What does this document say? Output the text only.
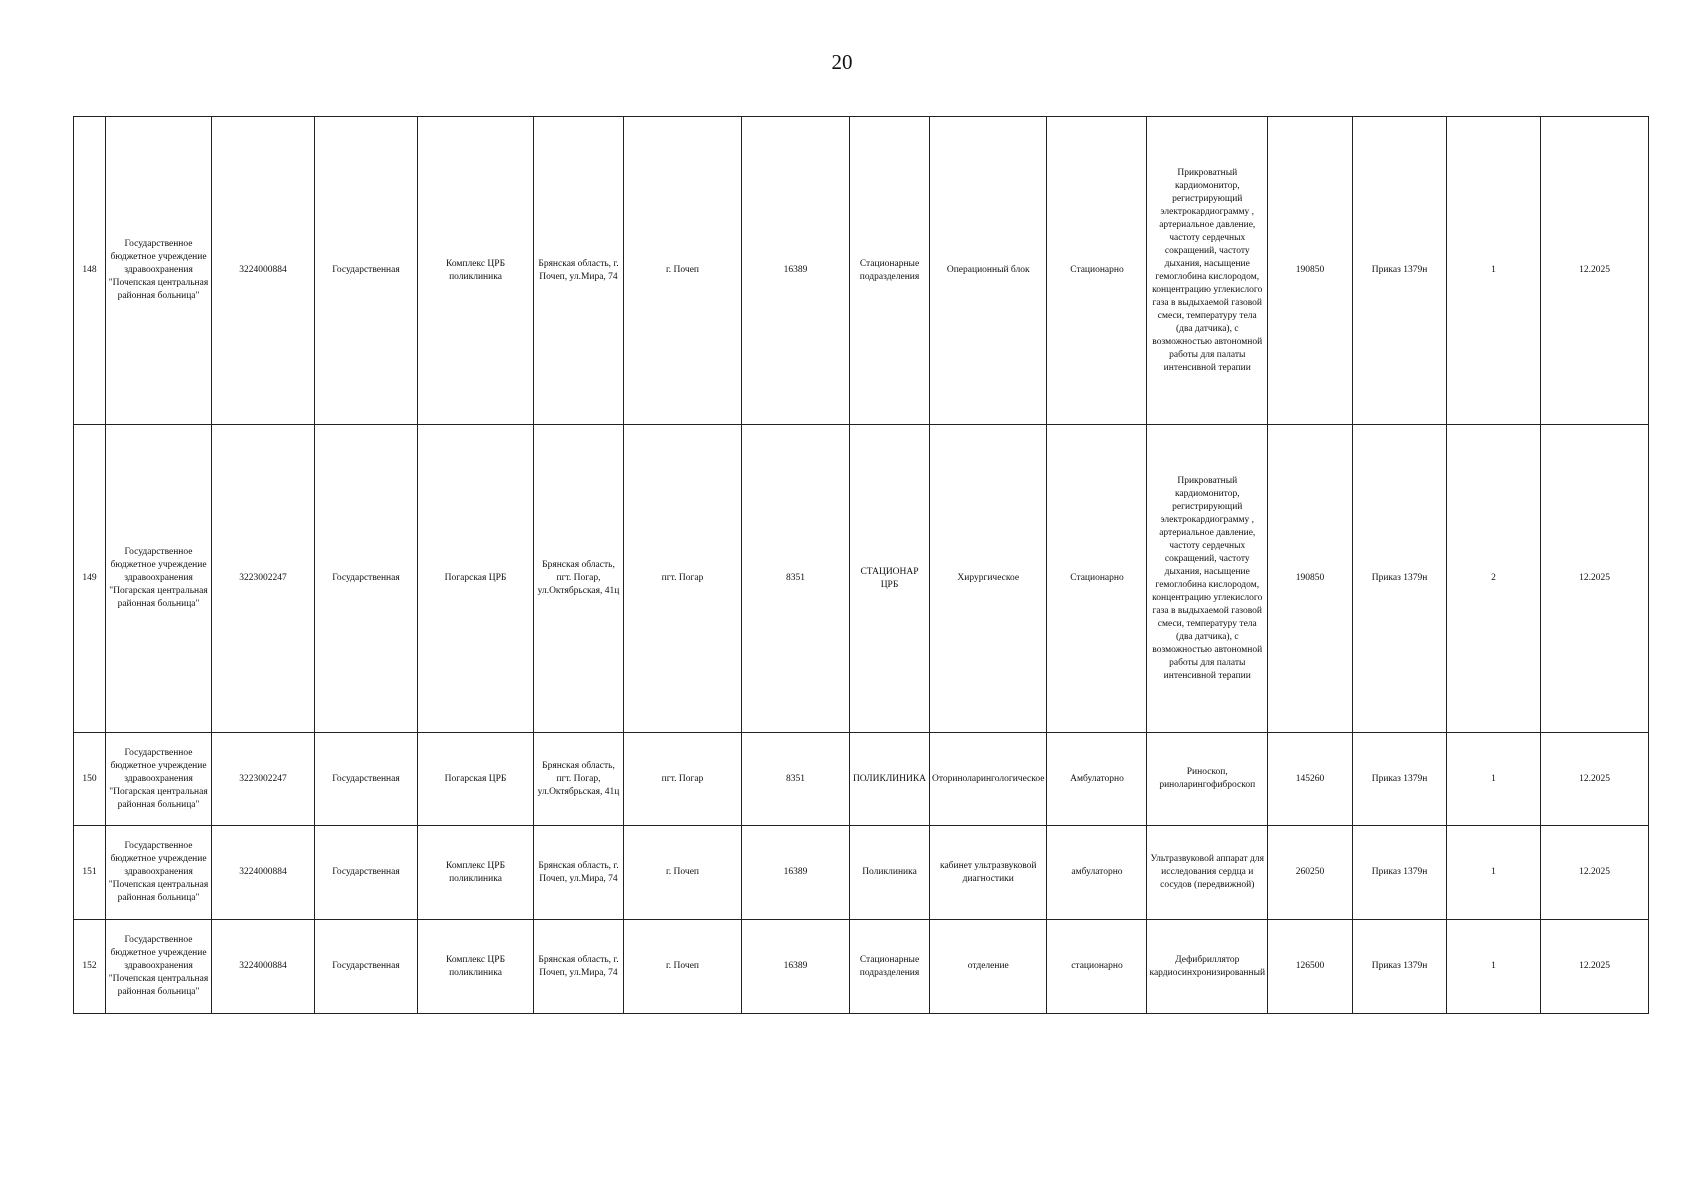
20
148	Государственное бюджетное учреждение здравоохранения "Почепская центральная районная больница"	3224000884	Государственная	Комплекс ЦРБ поликлиника	Брянская область, г. Почеп, ул.Мира, 74	г. Почеп	16389	Стационарные подразделения	Операционный блок	Стационарно	Прикроватный кардиомонитор, регистрирующий электрокардиограмму , артериальное давление, частоту сердечных сокращений, частоту дыхания, насыщение гемоглобина кислородом, концентрацию углекислого газа в выдыхаемой газовой смеси, температуру тела (два датчика), с возможностью автономной работы для палаты интенсивной терапии	190850	Приказ 1379н	1	12.2025
149	Государственное бюджетное учреждение здравоохранения "Погарская центральная районная больница"	3223002247	Государственная	Погарская ЦРБ	Брянская область, пгт. Погар, ул.Октябрьская, 41ц	пгт. Погар	8351	СТАЦИОНАР ЦРБ	Хирургическое	Стационарно	Прикроватный кардиомонитор, регистрирующий электрокардиограмму , артериальное давление, частоту сердечных сокращений, частоту дыхания, насыщение гемоглобина кислородом, концентрацию углекислого газа в выдыхаемой газовой смеси, температуру тела (два датчика), с возможностью автономной работы для палаты интенсивной терапии	190850	Приказ 1379н	2	12.2025
150	Государственное бюджетное учреждение здравоохранения "Погарская центральная районная больница"	3223002247	Государственная	Погарская ЦРБ	Брянская область, пгт. Погар, ул.Октябрьская, 41ц	пгт. Погар	8351	ПОЛИКЛИНИКА	Оториноларингологическое	Амбулаторно	Риноскоп, риноларингофиброскоп	145260	Приказ 1379н	1	12.2025
151	Государственное бюджетное учреждение здравоохранения "Почепская центральная районная больница"	3224000884	Государственная	Комплекс ЦРБ поликлиника	Брянская область, г. Почеп, ул.Мира, 74	г. Почеп	16389	Поликлиника	кабинет ультразвуковой диагностики	амбулаторно	Ультразвуковой аппарат для исследования сердца и сосудов (передвижной)	260250	Приказ 1379н	1	12.2025
152	Государственное бюджетное учреждение здравоохранения "Почепская центральная районная больница"	3224000884	Государственная	Комплекс ЦРБ поликлиника	Брянская область, г. Почеп, ул.Мира, 74	г. Почеп	16389	Стационарные подразделения	отделение	стационарно	Дефибриллятор кардиосинхронизированный	126500	Приказ 1379н	1	12.2025
